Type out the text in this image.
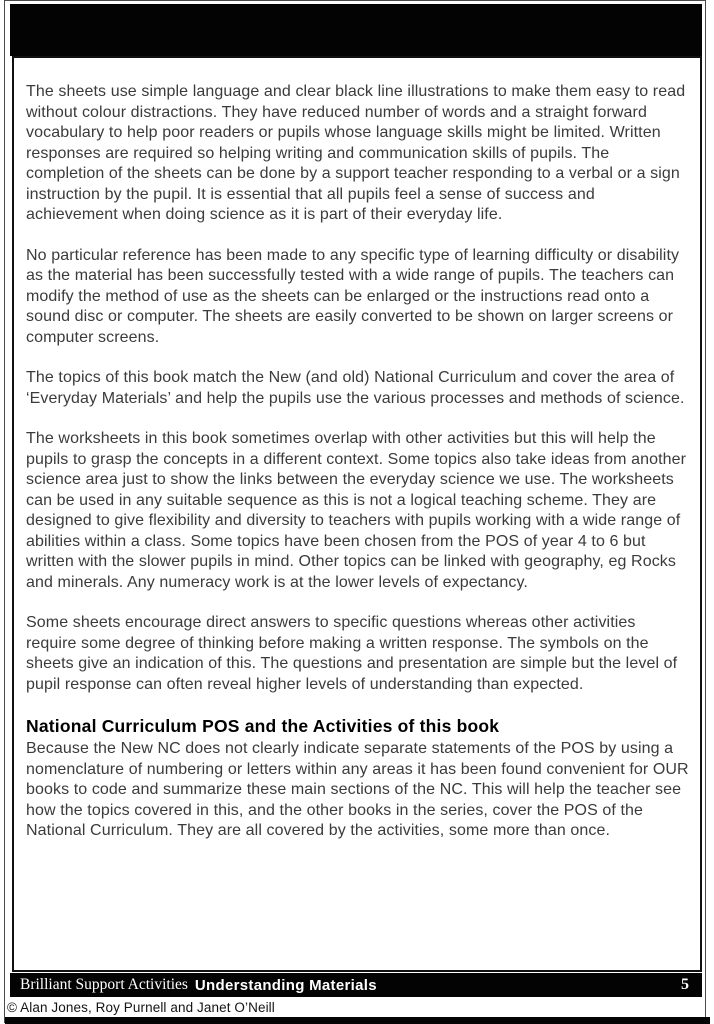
The sheets use simple language and clear black line illustrations to make them easy to read without colour distractions. They have reduced number of words and a straight forward vocabulary to help poor readers or pupils whose language skills might be limited. Written responses are required so helping writing and communication skills of pupils. The completion of the sheets can be done by a support teacher responding to a verbal or a sign instruction by the pupil. It is essential that all pupils feel a sense of success and achievement when doing science as it is part of their everyday life.

No particular reference has been made to any specific type of learning difficulty or disability as the material has been successfully tested with a wide range of pupils. The teachers can modify the method of use as the sheets can be enlarged or the instructions read onto a sound disc or computer. The sheets are easily converted to be shown on larger screens or computer screens.

The topics of this book match the New (and old) National Curriculum and cover the area of ‘Everyday Materials’ and help the pupils use the various processes and methods of science.

The worksheets in this book sometimes overlap with other activities but this will help the pupils to grasp the concepts in a different context. Some topics also take ideas from another science area just to show the links between the everyday science we use. The worksheets can be used in any suitable sequence as this is not a logical teaching scheme. They are designed to give flexibility and diversity to teachers with pupils working with a wide range of abilities within a class. Some topics have been chosen from the POS of year 4 to 6 but written with the slower pupils in mind. Other topics can be linked with geography, eg Rocks and minerals. Any numeracy work is at the lower levels of expectancy.

Some sheets encourage direct answers to specific questions whereas other activities require some degree of thinking before making a written response. The symbols on the sheets give an indication of this. The questions and presentation are simple but the level of pupil response can often reveal higher levels of understanding than expected.

National Curriculum POS and the Activities of this book

Because the New NC does not clearly indicate separate statements of the POS by using a nomenclature of numbering or letters within any areas it has been found convenient for OUR books to code and summarize these main sections of the NC. This will help the teacher see how the topics covered in this, and the other books in the series, cover the POS of the National Curriculum. They are all covered by the activities, some more than once.

Brilliant Support Activities Understanding Materials	5
© Alan Jones, Roy Purnell and Janet O’Neill
